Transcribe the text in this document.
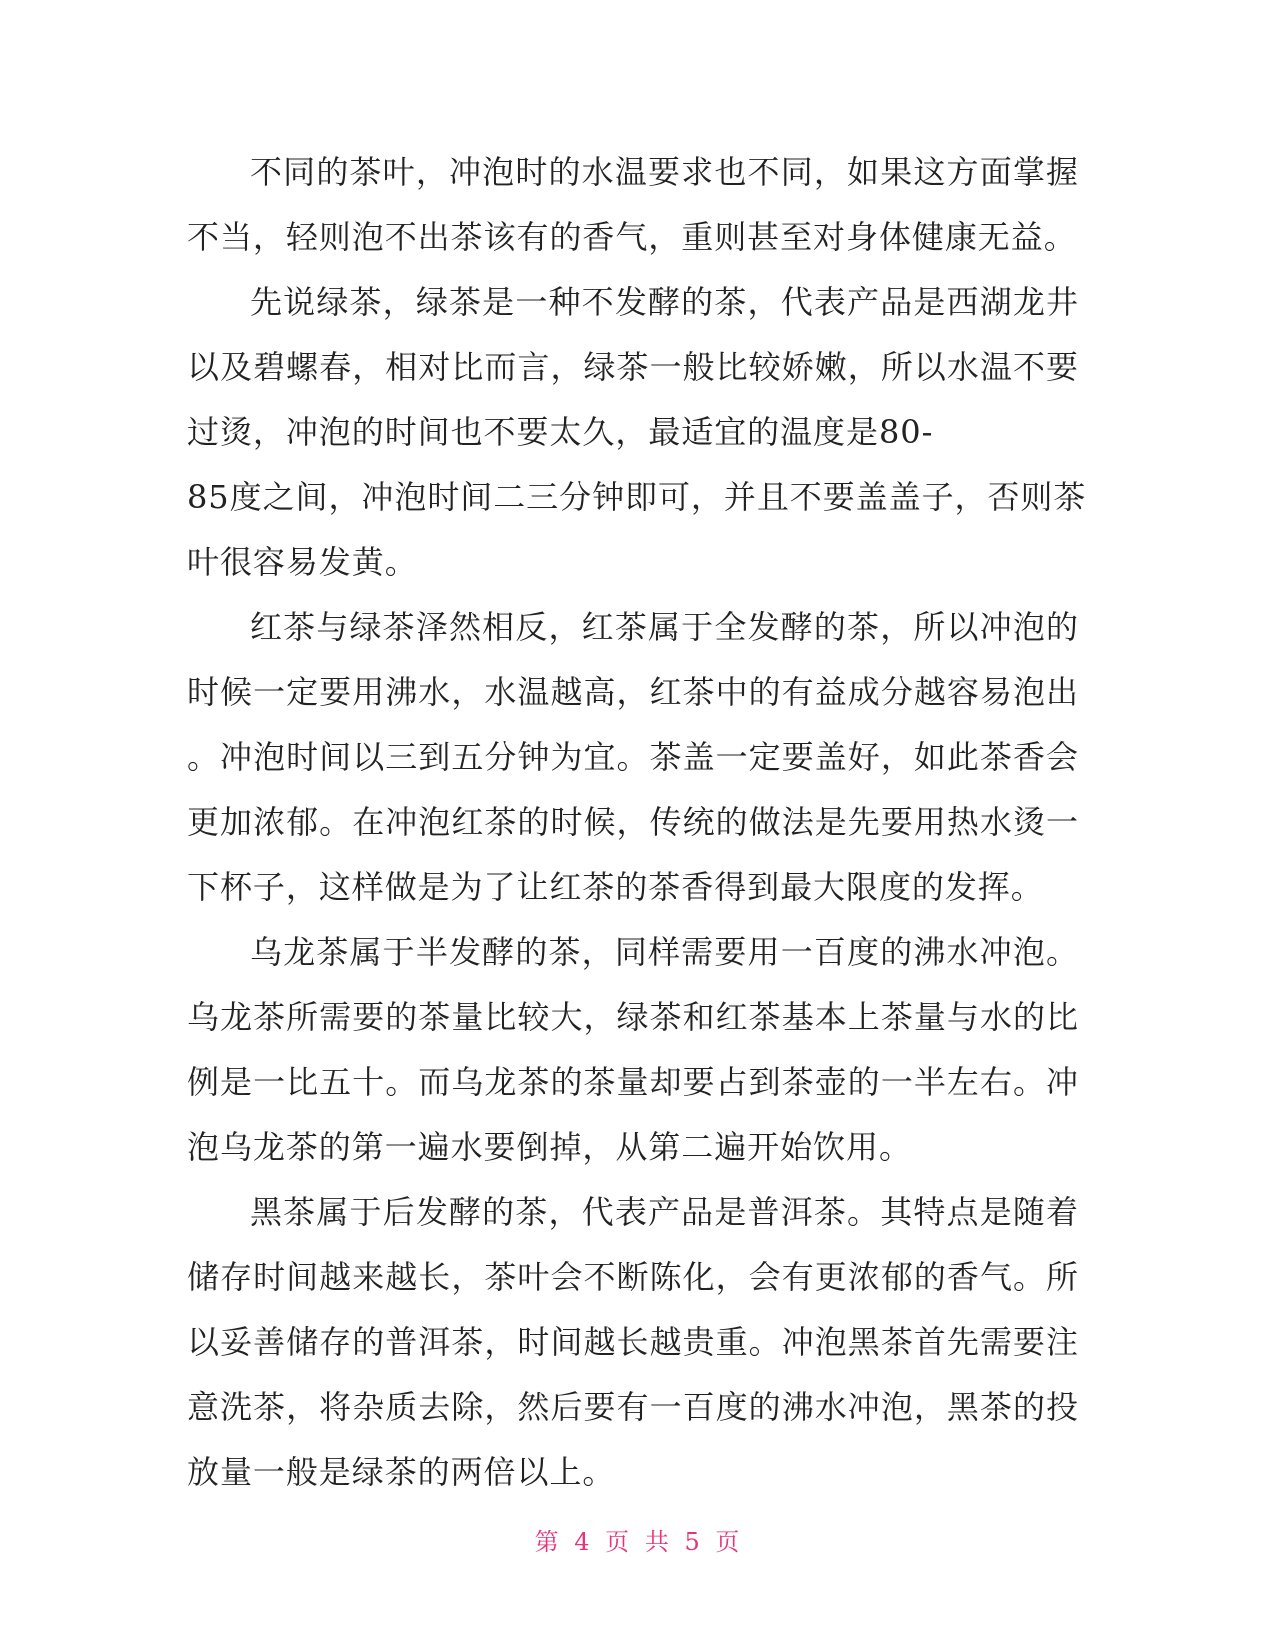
不同的茶叶，冲泡时的水温要求也不同，如果这方面掌握
不当，轻则泡不出茶该有的香气，重则甚至对身体健康无益。

先说绿茶，绿茶是一种不发酵的茶，代表产品是西湖龙井
以及碧螺春，相对比而言，绿茶一般比较娇嫩，所以水温不要
过烫，冲泡的时间也不要太久，最适宜的温度是80-
85度之间，冲泡时间二三分钟即可，并且不要盖盖子，否则茶
叶很容易发黄。

红茶与绿茶泽然相反，红茶属于全发酵的茶，所以冲泡的
时候一定要用沸水，水温越高，红茶中的有益成分越容易泡出
。冲泡时间以三到五分钟为宜。茶盖一定要盖好，如此茶香会
更加浓郁。在冲泡红茶的时候，传统的做法是先要用热水烫一
下杯子，这样做是为了让红茶的茶香得到最大限度的发挥。

乌龙茶属于半发酵的茶，同样需要用一百度的沸水冲泡。
乌龙茶所需要的茶量比较大，绿茶和红茶基本上茶量与水的比
例是一比五十。而乌龙茶的茶量却要占到茶壶的一半左右。冲
泡乌龙茶的第一遍水要倒掉，从第二遍开始饮用。

黑茶属于后发酵的茶，代表产品是普洱茶。其特点是随着
储存时间越来越长，茶叶会不断陈化，会有更浓郁的香气。所
以妥善储存的普洱茶，时间越长越贵重。冲泡黑茶首先需要注
意洗茶，将杂质去除，然后要有一百度的沸水冲泡，黑茶的投
放量一般是绿茶的两倍以上。

第 4 页 共 5 页
